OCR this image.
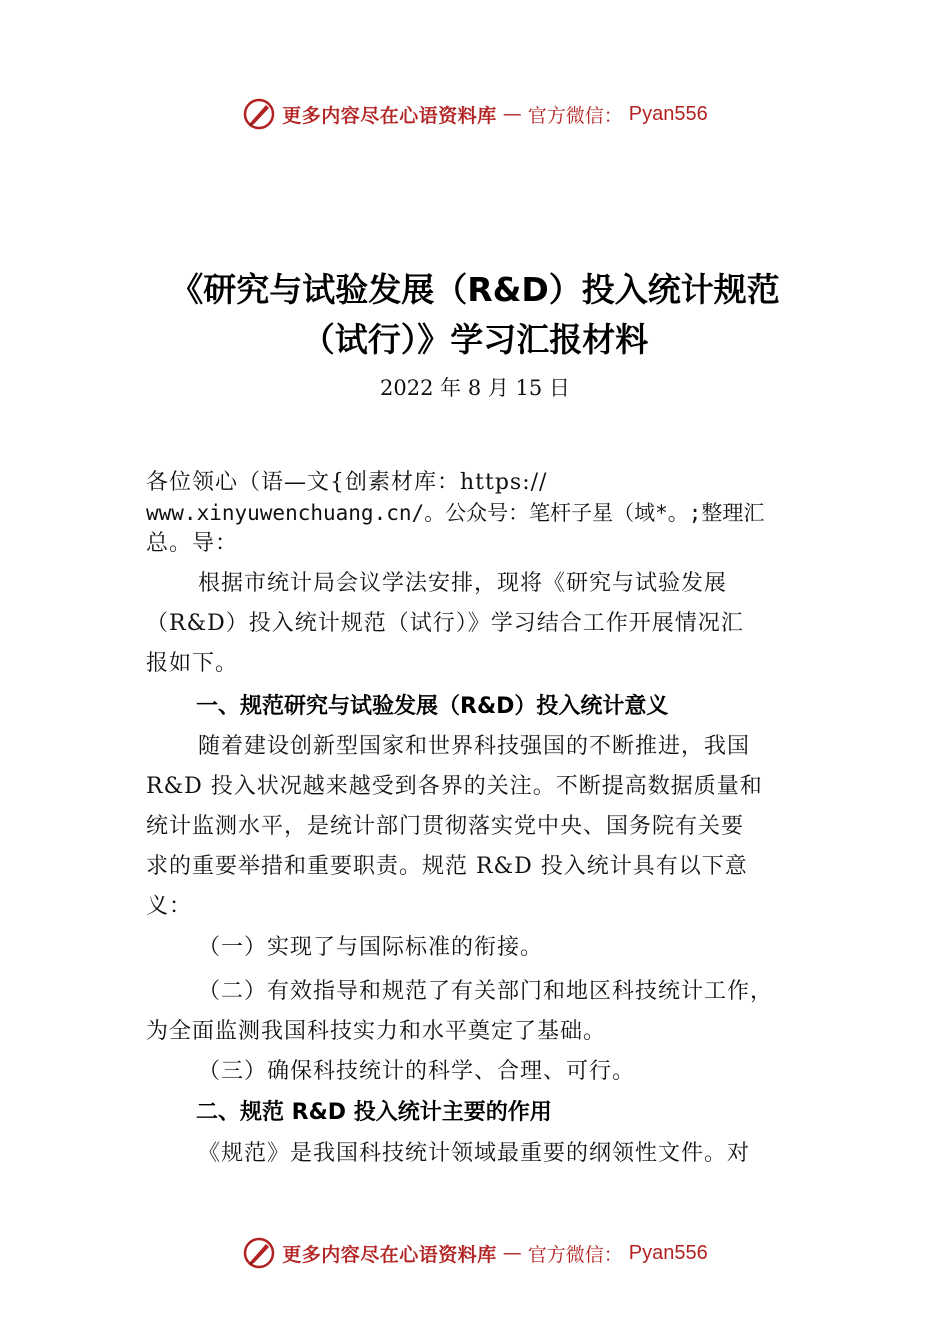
更多内容尽在心语资料库 — 官方微信： Pyan556
《研究与试验发展（R&D）投入统计规范
（试行）》学习汇报材料
2022 年 8 月 15 日
各位领心（语—文{创素材库：https://
www.xinyuwenchuang.cn/。公众号：笔杆子星（域*。;整理汇
总。导：
根据市统计局会议学法安排，现将《研究与试验发展
（R&D）投入统计规范（试行）》学习结合工作开展情况汇
报如下。
一、规范研究与试验发展（R&D）投入统计意义
随着建设创新型国家和世界科技强国的不断推进，我国
R&D 投入状况越来越受到各界的关注。不断提高数据质量和
统计监测水平，是统计部门贯彻落实党中央、国务院有关要
求的重要举措和重要职责。规范 R&D 投入统计具有以下意
义：
（一）实现了与国际标准的衔接。
（二）有效指导和规范了有关部门和地区科技统计工作，
为全面监测我国科技实力和水平奠定了基础。
（三）确保科技统计的科学、合理、可行。
二、规范 R&D 投入统计主要的作用
《规范》是我国科技统计领域最重要的纲领性文件。对
更多内容尽在心语资料库 — 官方微信： Pyan556
